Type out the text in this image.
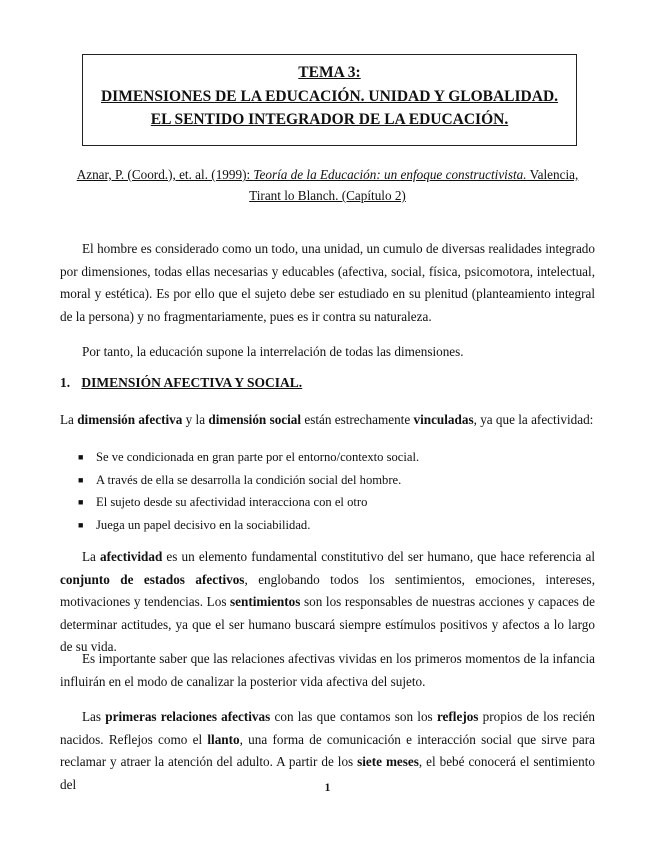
TEMA 3:
DIMENSIONES DE LA EDUCACIÓN. UNIDAD Y GLOBALIDAD.
EL SENTIDO INTEGRADOR DE LA EDUCACIÓN.
Aznar, P. (Coord.), et. al. (1999): Teoría de la Educación: un enfoque constructivista. Valencia, Tirant lo Blanch. (Capítulo 2)
El hombre es considerado como un todo, una unidad, un cumulo de diversas realidades integrado por dimensiones, todas ellas necesarias y educables (afectiva, social, física, psicomotora, intelectual, moral y estética). Es por ello que el sujeto debe ser estudiado en su plenitud (planteamiento integral de la persona) y no fragmentariamente, pues es ir contra su naturaleza.
Por tanto, la educación supone la interrelación de todas las dimensiones.
1. DIMENSIÓN AFECTIVA Y SOCIAL.
La dimensión afectiva y la dimensión social están estrechamente vinculadas, ya que la afectividad:
■ Se ve condicionada en gran parte por el entorno/contexto social.
■ A través de ella se desarrolla la condición social del hombre.
■ El sujeto desde su afectividad interacciona con el otro
■ Juega un papel decisivo en la sociabilidad.
La afectividad es un elemento fundamental constitutivo del ser humano, que hace referencia al conjunto de estados afectivos, englobando todos los sentimientos, emociones, intereses, motivaciones y tendencias. Los sentimientos son los responsables de nuestras acciones y capaces de determinar actitudes, ya que el ser humano buscará siempre estímulos positivos y afectos a lo largo de su vida.
Es importante saber que las relaciones afectivas vividas en los primeros momentos de la infancia influirán en el modo de canalizar la posterior vida afectiva del sujeto.
Las primeras relaciones afectivas con las que contamos son los reflejos propios de los recién nacidos. Reflejos como el llanto, una forma de comunicación e interacción social que sirve para reclamar y atraer la atención del adulto. A partir de los siete meses, el bebé conocerá el sentimiento del	1
